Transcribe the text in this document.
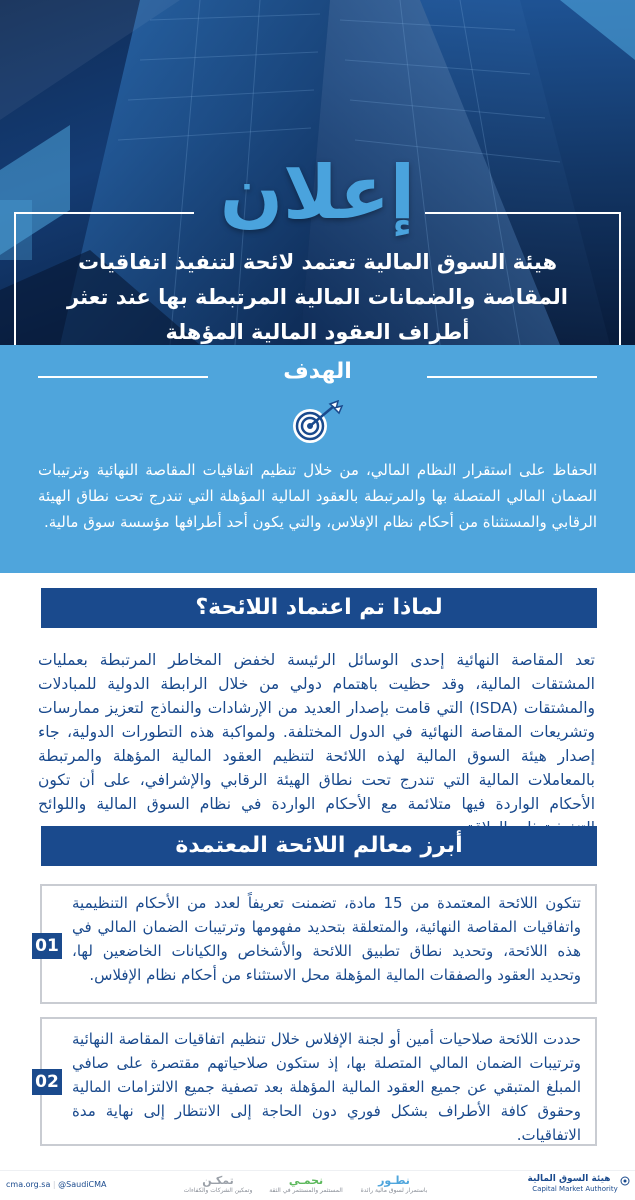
إعلان
هيئة السوق المالية تعتمد لائحة لتنفيذ اتفاقيات المقاصة والضمانات المالية المرتبطة بها عند تعثر أطراف العقود المالية المؤهلة
الهدف
الحفاظ على استقرار النظام المالي، من خلال تنظيم اتفاقيات المقاصة النهائية وترتيبات الضمان المالي المتصلة بها والمرتبطة بالعقود المالية المؤهلة التي تندرج تحت نطاق الهيئة الرقابي والمستثناة من أحكام نظام الإفلاس، والتي يكون أحد أطرافها مؤسسة سوق مالية.
لماذا تم اعتماد اللائحة؟
تعد المقاصة النهائية إحدى الوسائل الرئيسة لخفض المخاطر المرتبطة بعمليات المشتقات المالية، وقد حظيت باهتمام دولي من خلال الرابطة الدولية للمبادلات والمشتقات (ISDA) التي قامت بإصدار العديد من الإرشادات والنماذج لتعزيز ممارسات وتشريعات المقاصة النهائية في الدول المختلفة. ولمواكبة هذه التطورات الدولية، جاء إصدار هيئة السوق المالية لهذه اللائحة لتنظيم العقود المالية المؤهلة والمرتبطة بالمعاملات المالية التي تندرج تحت نطاق الهيئة الرقابي والإشرافي، على أن تكون الأحكام الواردة فيها متلائمة مع الأحكام الواردة في نظام السوق المالية واللوائح
أبرز معالم اللائحة المعتمدة
01
تتكون اللائحة المعتمدة من 15 مادة، تضمنت تعريفاً لعدد من الأحكام التنظيمية واتفاقيات المقاصة النهائية، والمتعلقة بتحديد مفهومها وترتيبات الضمان المالي في هذه اللائحة، وتحديد نطاق تطبيق اللائحة والأشخاص والكيانات الخاضعين لها، وتحديد العقود والصفقات المالية المؤهلة محل الاستثناء من أحكام نظام الإفلاس.
02
حددت اللائحة صلاحيات أمين أو لجنة الإفلاس خلال تنظيم اتفاقيات المقاصة النهائية وترتيبات الضمان المالي المتصلة بها، إذ ستكون صلاحياتهم مقتصرة على صافي المبلغ المتبقي عن جميع العقود المالية المؤهلة بعد تصفية جميع الالتزامات المالية وحقوق كافة الأطراف بشكل فوري دون الحاجة إلى الانتظار إلى نهاية مدة الاتفاقيات.
cma.org.sa | @SaudiCMA	تمكـن
وتمكين الشركات والكفاءات
نحمـي
المستثمر والمستثمر في الثقة
نطـور
باستمرار لسوق مالية رائدة
هيئة السوق المالية
Capital Market Authority
